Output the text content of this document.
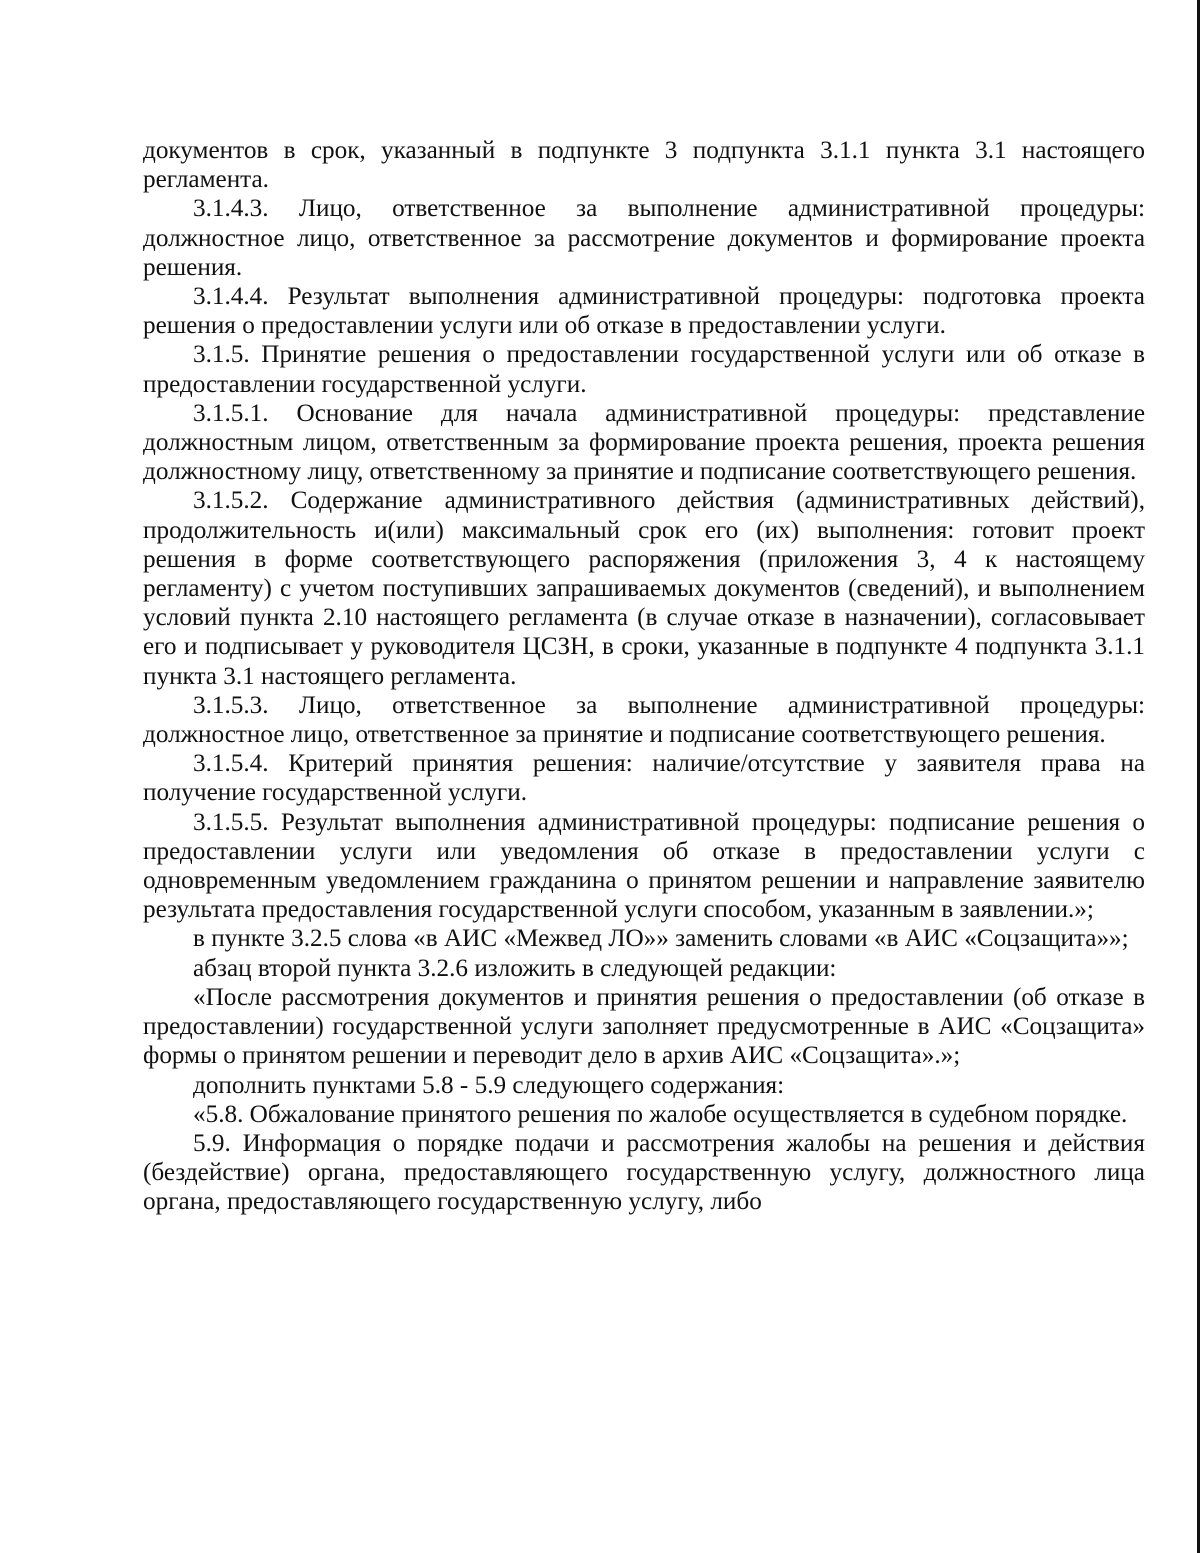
документов в срок, указанный в подпункте 3 подпункта 3.1.1 пункта 3.1 настоящего регламента.

3.1.4.3. Лицо, ответственное за выполнение административной процедуры: должностное лицо, ответственное за рассмотрение документов и формирование проекта решения.

3.1.4.4. Результат выполнения административной процедуры: подготовка проекта решения о предоставлении услуги или об отказе в предоставлении услуги.

3.1.5. Принятие решения о предоставлении государственной услуги или об отказе в предоставлении государственной услуги.

3.1.5.1. Основание для начала административной процедуры: представление должностным лицом, ответственным за формирование проекта решения, проекта решения должностному лицу, ответственному за принятие и подписание соответствующего решения.

3.1.5.2. Содержание административного действия (административных действий), продолжительность и(или) максимальный срок его (их) выполнения: готовит проект решения в форме соответствующего распоряжения (приложения 3, 4 к настоящему регламенту) с учетом поступивших запрашиваемых документов (сведений), и выполнением условий пункта 2.10 настоящего регламента (в случае отказе в назначении), согласовывает его и подписывает у руководителя ЦСЗН, в сроки, указанные в подпункте 4 подпункта 3.1.1 пункта 3.1 настоящего регламента.

3.1.5.3. Лицо, ответственное за выполнение административной процедуры: должностное лицо, ответственное за принятие и подписание соответствующего решения.

3.1.5.4. Критерий принятия решения: наличие/отсутствие у заявителя права на получение государственной услуги.

3.1.5.5. Результат выполнения административной процедуры: подписание решения о предоставлении услуги или уведомления об отказе в предоставлении услуги с одновременным уведомлением гражданина о принятом решении и направление заявителю результата предоставления государственной услуги способом, указанным в заявлении.»;

в пункте 3.2.5 слова «в АИС «Межвед ЛО»» заменить словами «в АИС «Соцзащита»»;

абзац второй пункта 3.2.6 изложить в следующей редакции:

«После рассмотрения документов и принятия решения о предоставлении (об отказе в предоставлении) государственной услуги заполняет предусмотренные в АИС «Соцзащита» формы о принятом решении и переводит дело в архив АИС «Соцзащита».»;

дополнить пунктами 5.8 - 5.9 следующего содержания:

«5.8. Обжалование принятого решения по жалобе осуществляется в судебном порядке.

5.9. Информация о порядке подачи и рассмотрения жалобы на решения и действия (бездействие) органа, предоставляющего государственную услугу, должностного лица органа, предоставляющего государственную услугу, либо
